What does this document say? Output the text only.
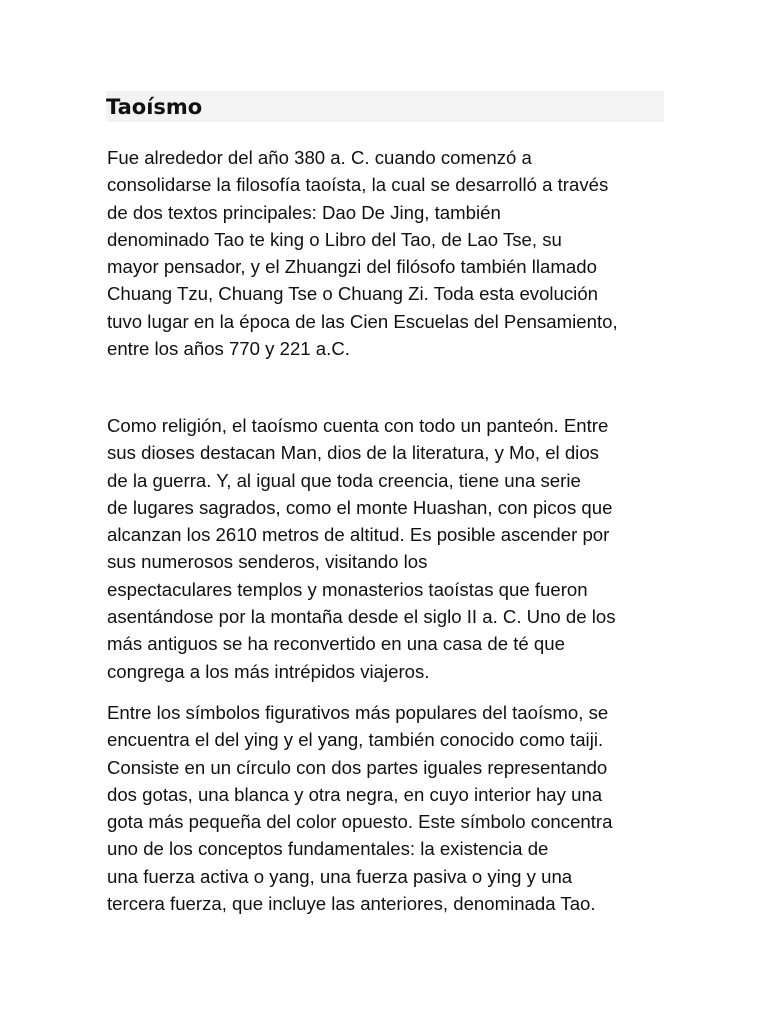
Taoísmo

Fue alrededor del año 380 a. C. cuando comenzó a
consolidarse la filosofía taoísta, la cual se desarrolló a través
de dos textos principales: Dao De Jing, también
denominado Tao te king o Libro del Tao, de Lao Tse, su
mayor pensador, y el Zhuangzi del filósofo también llamado
Chuang Tzu, Chuang Tse o Chuang Zi. Toda esta evolución
tuvo lugar en la época de las Cien Escuelas del Pensamiento,
entre los años 770 y 221 a.C.

Como religión, el taoísmo cuenta con todo un panteón. Entre
sus dioses destacan Man, dios de la literatura, y Mo, el dios
de la guerra. Y, al igual que toda creencia, tiene una serie
de lugares sagrados, como el monte Huashan, con picos que
alcanzan los 2610 metros de altitud. Es posible ascender por
sus numerosos senderos, visitando los
espectaculares templos y monasterios taoístas que fueron
asentándose por la montaña desde el siglo II a. C. Uno de los
más antiguos se ha reconvertido en una casa de té que
congrega a los más intrépidos viajeros.

Entre los símbolos figurativos más populares del taoísmo, se
encuentra el del ying y el yang, también conocido como taiji.
Consiste en un círculo con dos partes iguales representando
dos gotas, una blanca y otra negra, en cuyo interior hay una
gota más pequeña del color opuesto. Este símbolo concentra
uno de los conceptos fundamentales: la existencia de
una fuerza activa o yang, una fuerza pasiva o ying y una
tercera fuerza, que incluye las anteriores, denominada Tao.
